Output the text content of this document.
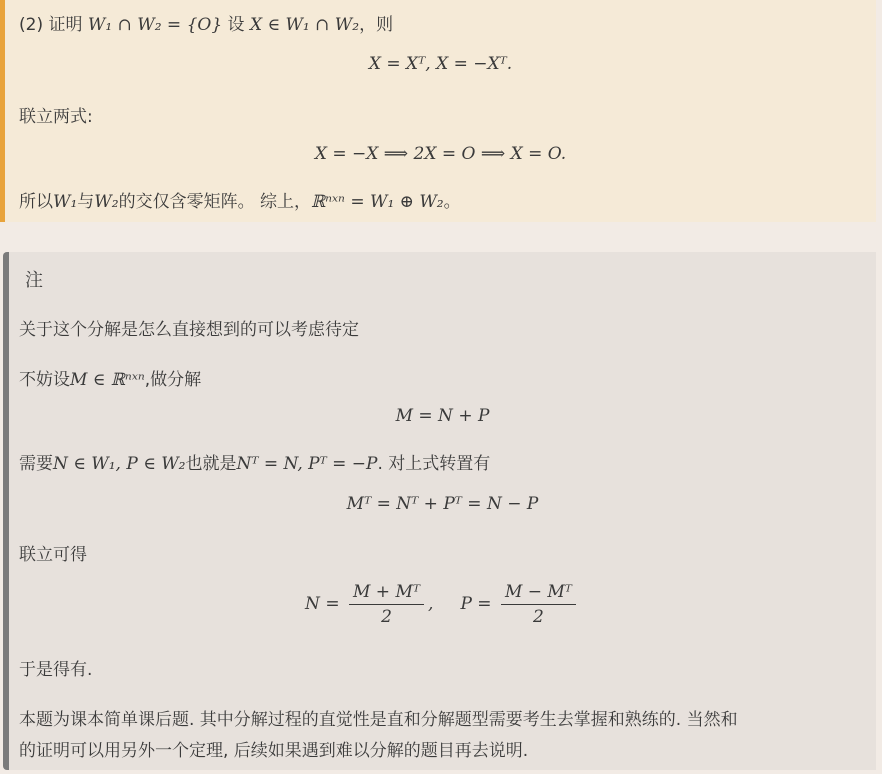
(2) 证明 W₁ ∩ W₂ = {O} 设 X ∈ W₁ ∩ W₂，则
X = Xᵀ, X = −Xᵀ.
联立两式:
X = −X ⟹ 2X = O ⟹ X = O.
所以W₁与W₂的交仅含零矩阵。 综上，ℝⁿˣⁿ = W₁ ⊕ W₂。
注
关于这个分解是怎么直接想到的可以考虑待定
不妨设M ∈ ℝⁿˣⁿ,做分解
M = N + P
需要N ∈ W₁, P ∈ W₂也就是Nᵀ = N, Pᵀ = −P. 对上式转置有
Mᵀ = Nᵀ + Pᵀ = N − P
联立可得
$N = \frac{\text{M + Mᵀ}}{2}$ , $P = \frac{\text{M − Mᵀ}}{2}$
于是得有.
本题为课本简单课后题. 其中分解过程的直觉性是直和分解题型需要考生去掌握和熟练的. 当然和
的证明可以用另外一个定理, 后续如果遇到难以分解的题目再去说明.
